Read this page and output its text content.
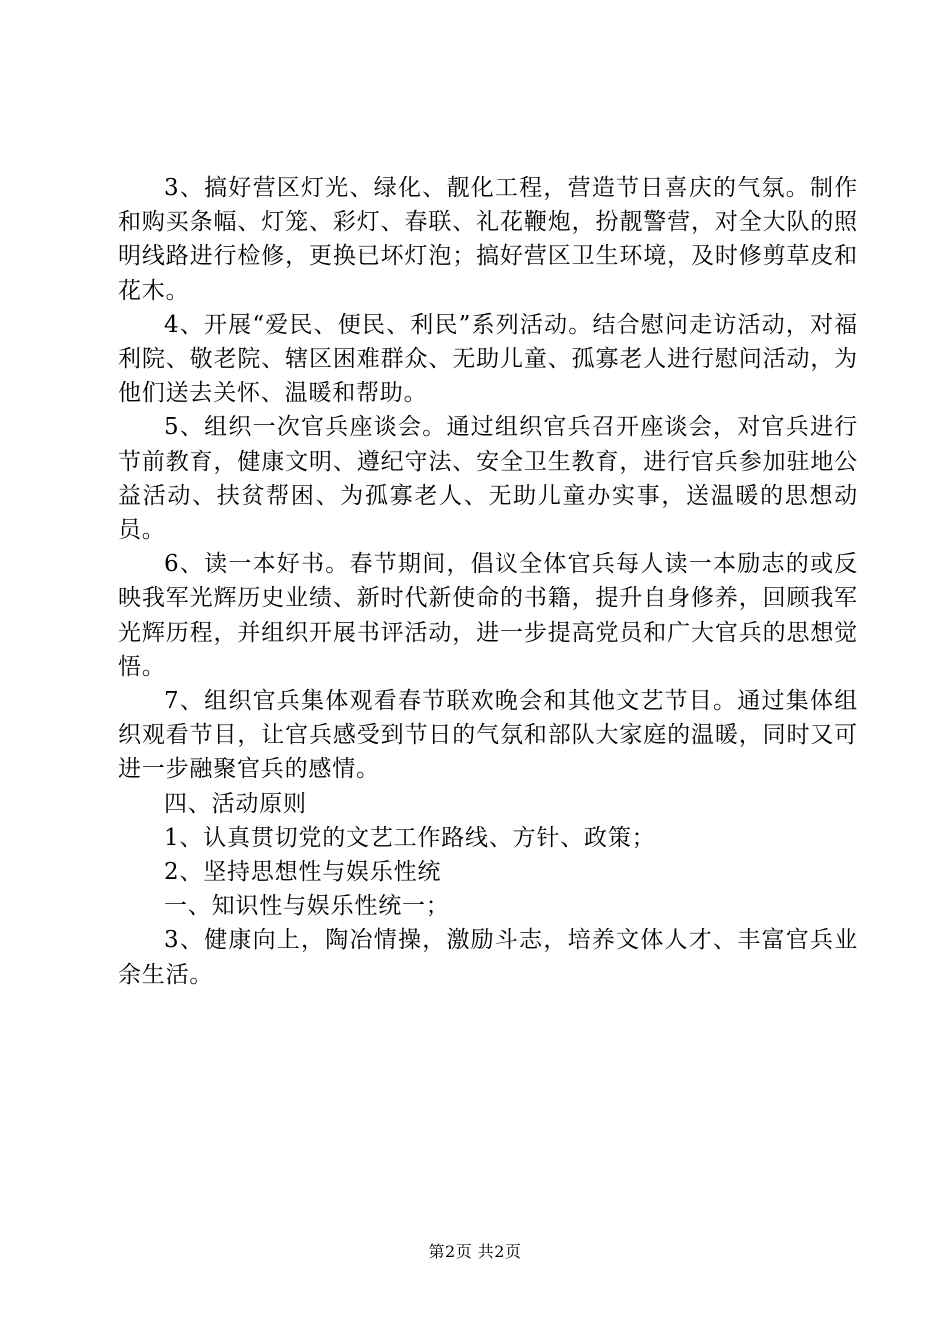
3、搞好营区灯光、绿化、靓化工程，营造节日喜庆的气氛。制作和购买条幅、灯笼、彩灯、春联、礼花鞭炮，扮靓警营，对全大队的照明线路进行检修，更换已坏灯泡；搞好营区卫生环境，及时修剪草皮和花木。

4、开展“爱民、便民、利民”系列活动。结合慰问走访活动，对福利院、敬老院、辖区困难群众、无助儿童、孤寡老人进行慰问活动，为他们送去关怀、温暖和帮助。

5、组织一次官兵座谈会。通过组织官兵召开座谈会，对官兵进行节前教育，健康文明、遵纪守法、安全卫生教育，进行官兵参加驻地公益活动、扶贫帮困、为孤寡老人、无助儿童办实事，送温暖的思想动员。

6、读一本好书。春节期间，倡议全体官兵每人读一本励志的或反映我军光辉历史业绩、新时代新使命的书籍，提升自身修养，回顾我军光辉历程，并组织开展书评活动，进一步提高党员和广大官兵的思想觉悟。

7、组织官兵集体观看春节联欢晚会和其他文艺节目。通过集体组织观看节目，让官兵感受到节日的气氛和部队大家庭的温暖，同时又可进一步融聚官兵的感情。

四、活动原则

1、认真贯切党的文艺工作路线、方针、政策；

2、坚持思想性与娱乐性统

一、知识性与娱乐性统一；

3、健康向上，陶冶情操，激励斗志，培养文体人才、丰富官兵业余生活。

第2页 共2页
